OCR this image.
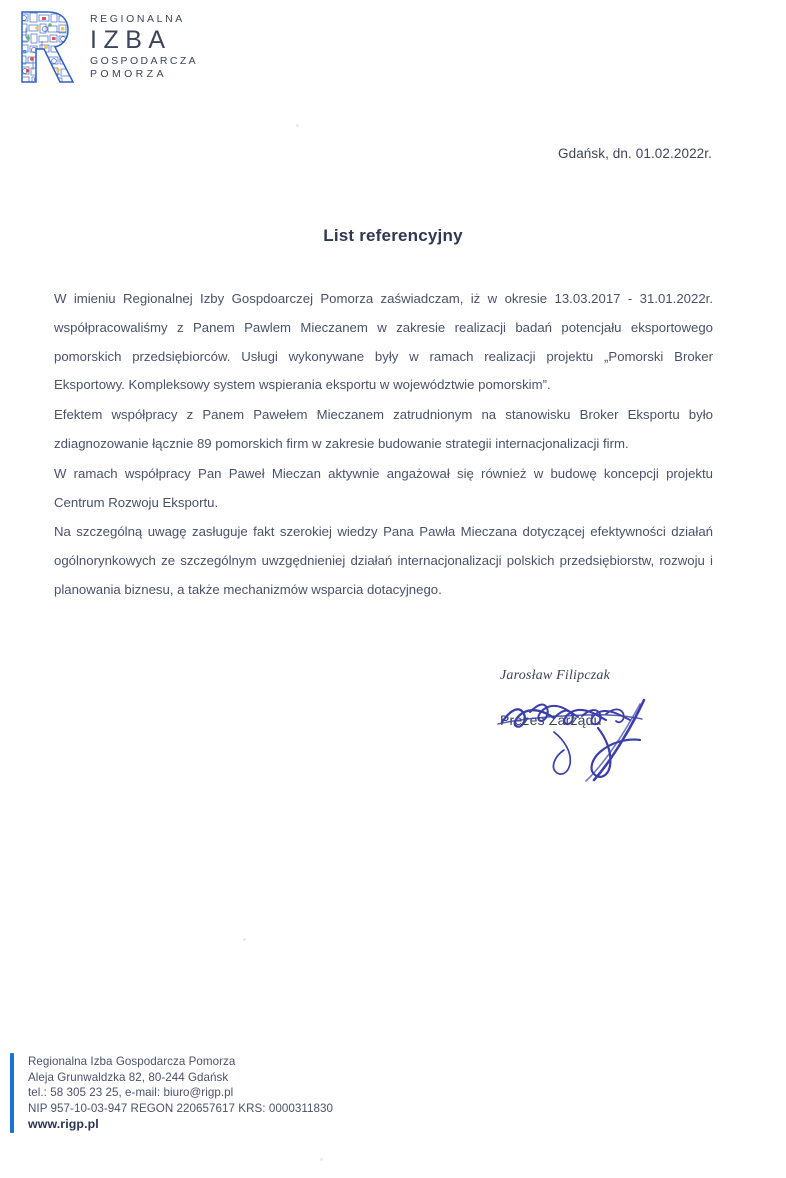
REGIONALNA
IZBA
GOSPODARCZA
POMORZA
Gdańsk, dn. 01.02.2022r.
List referencyjny

W imieniu Regionalnej Izby Gospdoarczej Pomorza zaświadczam, iż w okresie 13.03.2017 - 31.01.2022r. współpracowaliśmy z Panem Pawlem Mieczanem w zakresie realizacji badań potencjału eksportowego pomorskich przedsiębiorców. Usługi wykonywane były w ramach realizacji projektu „Pomorski Broker Eksportowy. Kompleksowy system wspierania eksportu w województwie pomorskim”.

Efektem współpracy z Panem Pawełem Mieczanem zatrudnionym na stanowisku Broker Eksportu było zdiagnozowanie łącznie 89 pomorskich firm w zakresie budowanie strategii internacjonalizacji firm.

W ramach współpracy Pan Paweł Mieczan aktywnie angażował się również w budowę koncepcji projektu Centrum Rozwoju Eksportu.

Na szczególną uwagę zasługuje fakt szerokiej wiedzy Pana Pawła Mieczana dotyczącej efektywności działań ogólnorynkowych ze szczególnym uwzgędnieniej działań internacjonalizacji polskich przedsiębiorstw, rozwoju i planowania biznesu, a także mechanizmów wsparcia dotacyjnego.

Jarosław Filipczak
Prezes Zarządu
Regionalna Izba Gospodarcza Pomorza
Aleja Grunwaldzka 82, 80-244 Gdańsk
tel.: 58 305 23 25, e-mail: biuro@rigp.pl
NIP 957-10-03-947 REGON 220657617 KRS: 0000311830
www.rigp.pl
